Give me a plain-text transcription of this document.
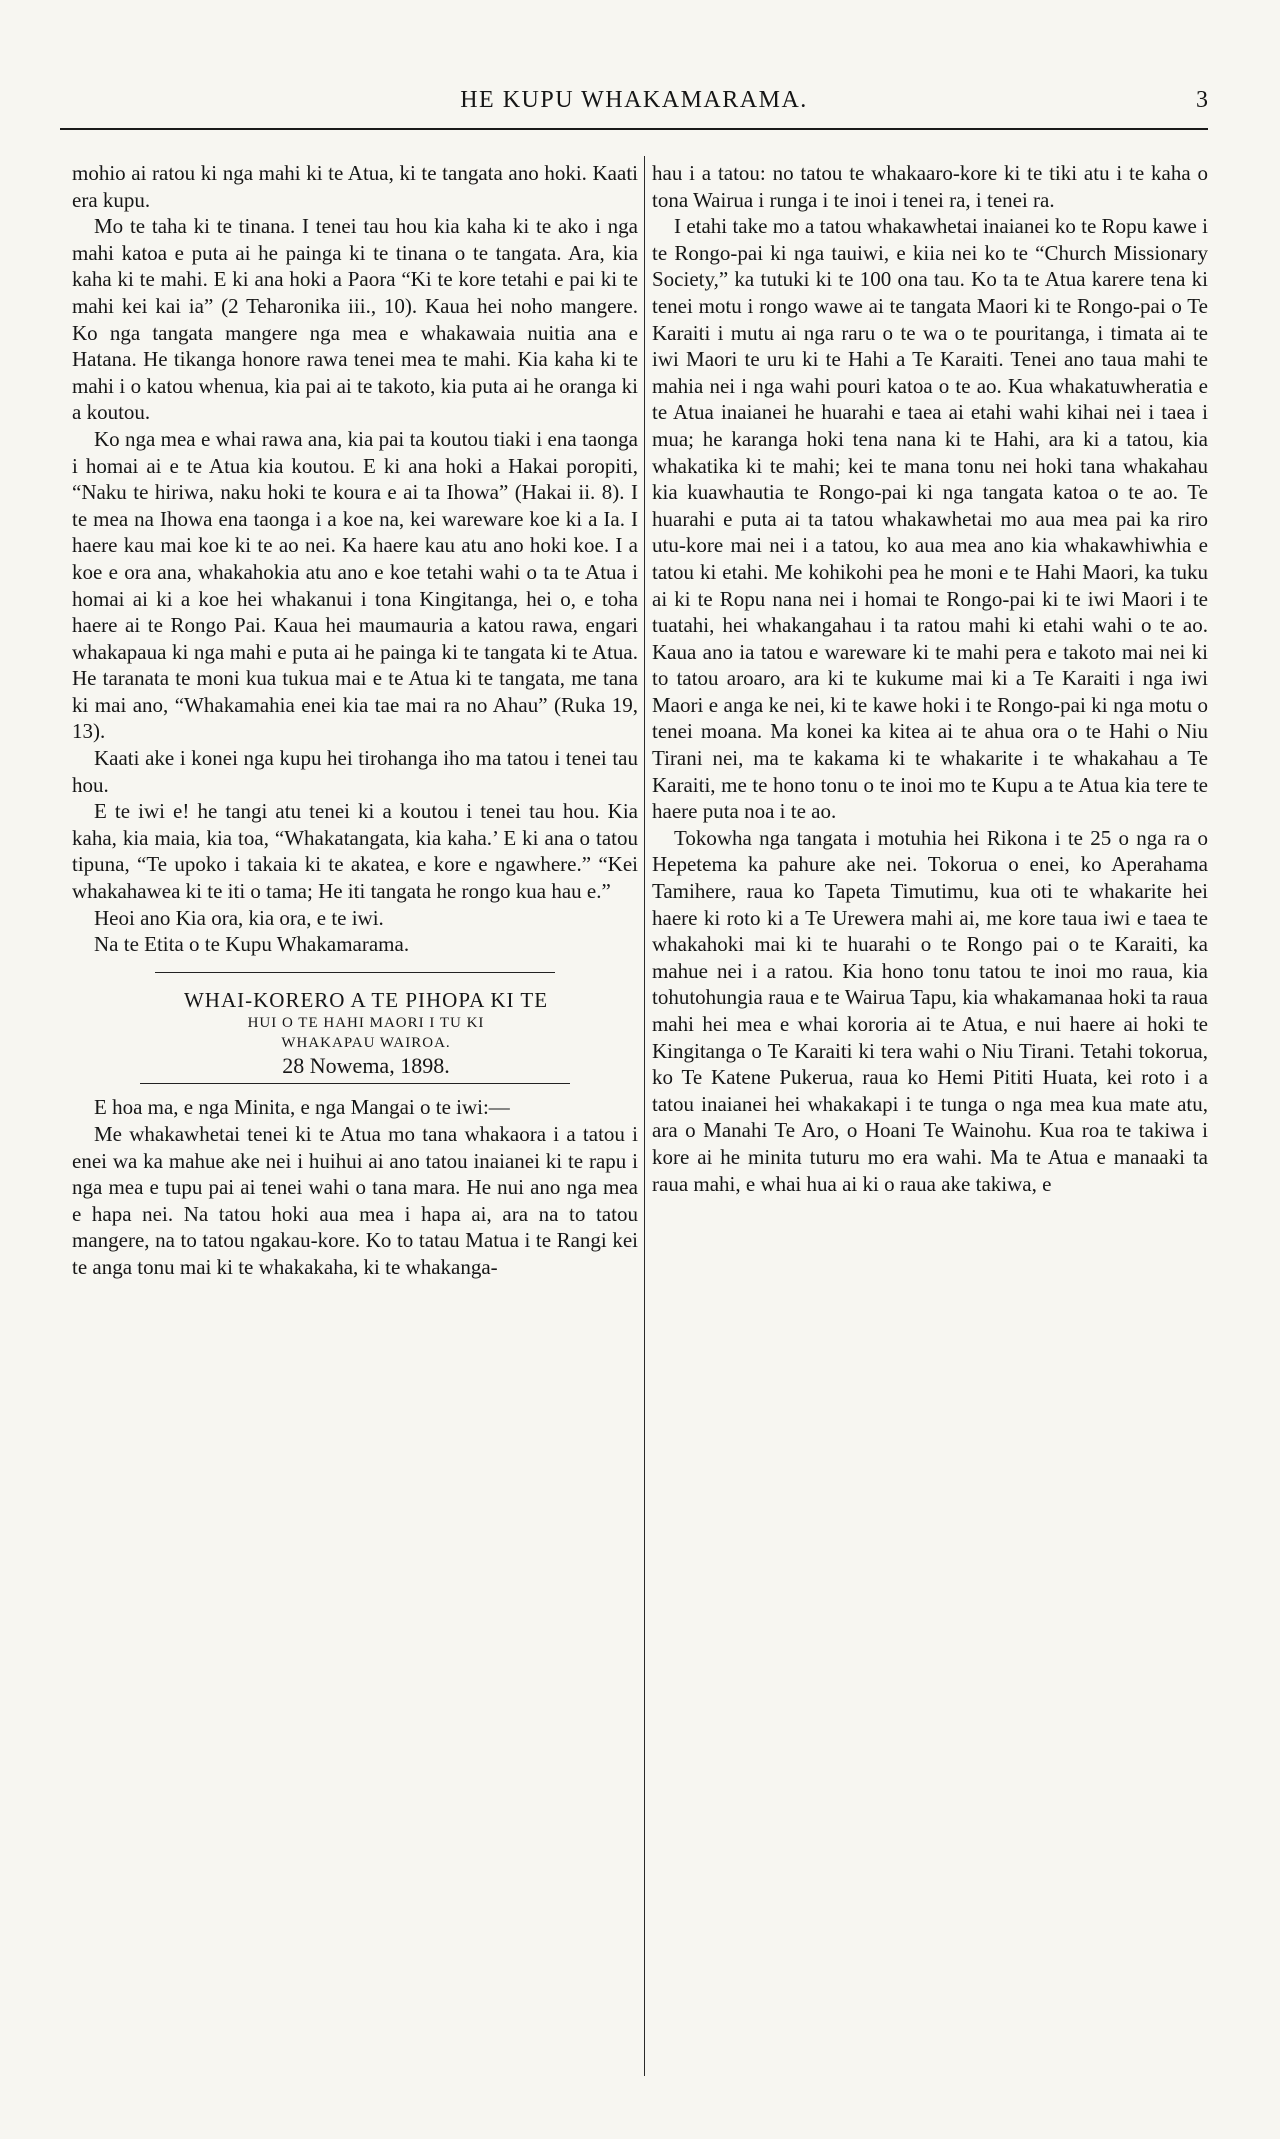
HE KUPU WHAKAMARAMA.	3

mohio ai ratou ki nga mahi ki te Atua, ki te tangata ano hoki. Kaati era kupu.

Mo te taha ki te tinana. I tenei tau hou kia kaha ki te ako i nga mahi katoa e puta ai he painga ki te tinana o te tangata. Ara, kia kaha ki te mahi. E ki ana hoki a Paora “Ki te kore tetahi e pai ki te mahi kei kai ia” (2 Teharonika iii., 10). Kaua hei noho mangere. Ko nga tangata mangere nga mea e whakawaia nuitia ana e Hatana. He tikanga honore rawa tenei mea te mahi. Kia kaha ki te mahi i o katou whenua, kia pai ai te takoto, kia puta ai he oranga ki a koutou.

Ko nga mea e whai rawa ana, kia pai ta koutou tiaki i ena taonga i homai ai e te Atua kia koutou. E ki ana hoki a Hakai poropiti, “Naku te hiriwa, naku hoki te koura e ai ta Ihowa” (Hakai ii. 8). I te mea na Ihowa ena taonga i a koe na, kei wareware koe ki a Ia. I haere kau mai koe ki te ao nei. Ka haere kau atu ano hoki koe. I a koe e ora ana, whakahokia atu ano e koe tetahi wahi o ta te Atua i homai ai ki a koe hei whakanui i tona Kingitanga, hei o, e toha haere ai te Rongo Pai. Kaua hei maumauria a katou rawa, engari whakapaua ki nga mahi e puta ai he painga ki te tangata ki te Atua. He taranata te moni kua tukua mai e te Atua ki te tangata, me tana ki mai ano, “Whakamahia enei kia tae mai ra no Ahau” (Ruka 19, 13).

Kaati ake i konei nga kupu hei tirohanga iho ma tatou i tenei tau hou.

E te iwi e! he tangi atu tenei ki a koutou i tenei tau hou. Kia kaha, kia maia, kia toa, “Whakatangata, kia kaha.’ E ki ana o tatou tipuna, “Te upoko i takaia ki te akatea, e kore e ngawhere.” “Kei whakahawea ki te iti o tama; He iti tangata he rongo kua hau e.”

Heoi ano Kia ora, kia ora, e te iwi.

Na te Etita o te Kupu Whakamarama.

WHAI-KORERO A TE PIHOPA KI TE

HUI O TE HAHI MAORI I TU KI

WHAKAPAU WAIROA.

28 Nowema, 1898.

E hoa ma, e nga Minita, e nga Mangai o te iwi:—

Me whakawhetai tenei ki te Atua mo tana whakaora i a tatou i enei wa ka mahue ake nei i huihui ai ano tatou inaianei ki te rapu i nga mea e tupu pai ai tenei wahi o tana mara. He nui ano nga mea e hapa nei. Na tatou hoki aua mea i hapa ai, ara na to tatou mangere, na to tatou ngakau-kore. Ko to tatau Matua i te Rangi kei te anga tonu mai ki te whakakaha, ki te whakanga-

hau i a tatou: no tatou te whakaaro-kore ki te tiki atu i te kaha o tona Wairua i runga i te inoi i tenei ra, i tenei ra.

I etahi take mo a tatou whakawhetai inaianei ko te Ropu kawe i te Rongo-pai ki nga tauiwi, e kiia nei ko te “Church Missionary Society,” ka tutuki ki te 100 ona tau. Ko ta te Atua karere tena ki tenei motu i rongo wawe ai te tangata Maori ki te Rongo-pai o Te Karaiti i mutu ai nga raru o te wa o te pouritanga, i timata ai te iwi Maori te uru ki te Hahi a Te Karaiti. Tenei ano taua mahi te mahia nei i nga wahi pouri katoa o te ao. Kua whakatuwheratia e te Atua inaianei he huarahi e taea ai etahi wahi kihai nei i taea i mua; he karanga hoki tena nana ki te Hahi, ara ki a tatou, kia whakatika ki te mahi; kei te mana tonu nei hoki tana whakahau kia kuawhautia te Rongo-pai ki nga tangata katoa o te ao. Te huarahi e puta ai ta tatou whakawhetai mo aua mea pai ka riro utu-kore mai nei i a tatou, ko aua mea ano kia whakawhiwhia e tatou ki etahi. Me kohikohi pea he moni e te Hahi Maori, ka tuku ai ki te Ropu nana nei i homai te Rongo-pai ki te iwi Maori i te tuatahi, hei whakangahau i ta ratou mahi ki etahi wahi o te ao. Kaua ano ia tatou e wareware ki te mahi pera e takoto mai nei ki to tatou aroaro, ara ki te kukume mai ki a Te Karaiti i nga iwi Maori e anga ke nei, ki te kawe hoki i te Rongo-pai ki nga motu o tenei moana. Ma konei ka kitea ai te ahua ora o te Hahi o Niu Tirani nei, ma te kakama ki te whakarite i te whakahau a Te Karaiti, me te hono tonu o te inoi mo te Kupu a te Atua kia tere te haere puta noa i te ao.

Tokowha nga tangata i motuhia hei Rikona i te 25 o nga ra o Hepetema ka pahure ake nei. Tokorua o enei, ko Aperahama Tamihere, raua ko Tapeta Timutimu, kua oti te whakarite hei haere ki roto ki a Te Urewera mahi ai, me kore taua iwi e taea te whakahoki mai ki te huarahi o te Rongo pai o te Karaiti, ka mahue nei i a ratou. Kia hono tonu tatou te inoi mo raua, kia tohutohungia raua e te Wairua Tapu, kia whakamanaa hoki ta raua mahi hei mea e whai kororia ai te Atua, e nui haere ai hoki te Kingitanga o Te Karaiti ki tera wahi o Niu Tirani. Tetahi tokorua, ko Te Katene Pukerua, raua ko Hemi Pititi Huata, kei roto i a tatou inaianei hei whakakapi i te tunga o nga mea kua mate atu, ara o Manahi Te Aro, o Hoani Te Wainohu. Kua roa te takiwa i kore ai he minita tuturu mo era wahi. Ma te Atua e manaaki ta raua mahi, e whai hua ai ki o raua ake takiwa, e
